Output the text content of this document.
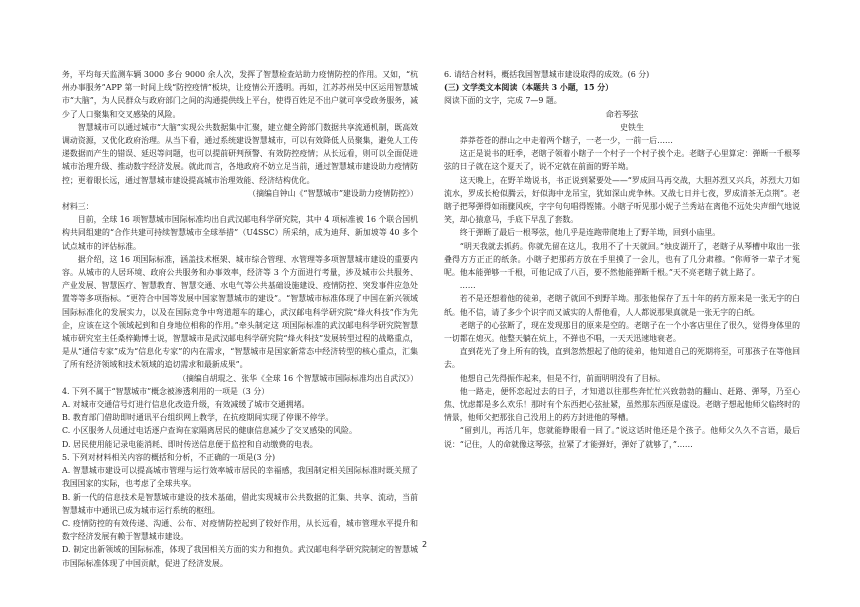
务，平均每天监测车辆 3000 多台 9000 余人次，发挥了智慧检查站助力疫情防控的作用。又如，“杭州办事服务”APP 第一时间上线“防控疫情”板块，让疫情公开透明。再如，江苏苏州吴中区运用智慧城市“大脑”，为人民群众与政府部门之间的沟通提供线上平台，使得百姓足不出户就可享受政务服务，减少了人口聚集和交叉感染的风险。

智慧城市可以通过城市“大脑”实现公共数据集中汇聚，建立健全跨部门数据共享流通机制，既高效调动资源，又优化政府治理。从当下看，通过系统建设智慧城市，可以有效降低人员聚集，避免人工传递数据而产生的错误、延迟等问题，也可以提前研判预警、有效防控疫情；从长远看，则可以全面促进城市治理升级、推动数字经济发展。就此而言，各地政府不妨立足当前，通过智慧城市建设助力疫情防控；更着眼长远，通过智慧城市建设提高城市治理效能、经济结构优化。

（摘编自钟山《“智慧城市”建设助力疫情防控》）

材料三：

目前，全球 16 项智慧城市国际标准均出自武汉邮电科学研究院，其中 4 项标准被 16 个联合国机构共同组建的“合作共建可持续智慧城市全球举措”（U4SSC）所采纳，成为迪拜、新加坡等 40 多个试点城市的评估标准。

据介绍，这 16 项国际标准，涵盖技术框架、城市综合管理、水管理等多项智慧城市建设的重要内容。从城市的人居环境、政府公共服务和办事效率，经济等 3 个方面进行考量，涉及城市公共服务、产业发展、智慧医疗、智慧教育、智慧交通、水电气等公共基础设施建设、疫情防控、突发事件应急处置等等多项指标。“更符合中国等发展中国家智慧城市的建设”。“智慧城市标准体现了中国在新兴领域国际标准化的发展实力，以及在国际竞争中弯道超车的雄心，武汉邮电科学研究院“烽火科技”作为先企，应该在这个领域起到和自身地位相称的作用。”牵头制定这 项国际标准的武汉邮电科学研究院智慧城市研究室主任桑梓勤博士说，智慧城市是武汉邮电科学研究院“烽火科技”发展转型过程的战略重点，是从“通信专家”成为“信息化专家”的内在需求，“智慧城市是国家新常态中经济转型的核心重点，汇集了所有经济领域和技术领域的追切需求和最新成果”。

（摘编自胡琨之、张华《全球 16 个智慧城市国际标准均出自武汉》）

4. 下列不属于“智慧城市”概念被渗透利用的一项是（3 分）

A. 对城市交通信号灯进行信息化改造升级，有效减缓了城市交通拥堵。

B. 教育部门借助即时通讯平台组织网上教学，在抗疫期间实现了停课不停学。

C. 小区服务人员通过电话逐户查询在家隔离居民的健康信息减少了交叉感染的风险。

D. 居民使用能记录电能消耗、即时传送信息便于监控和自动缴费的电表。

5. 下列对材料相关内容的概括和分析，不正确的一项是(3 分)

A. 智慧城市建设可以提高城市管理与运行效率城市居民的幸福感，我国制定相关国际标准时既关照了我国国家的实际，也考虑了全球共享。

B. 新一代的信息技术是智慧城市建设的技术基础，借此实现城市公共数据的汇集、共享、流动，当前智慧城市中通讯已成为城市运行系统的枢纽。

C. 疫情防控的有效传递、沟通、公布、对疫情防控起到了较好作用，从长远看，城市管理水平提升和数字经济发展有赖于智慧城市建设。

D. 制定出新领域的国际标准，体现了我国相关方面的实力和抱负。武汉邮电科学研究院制定的智慧城市国际标准体现了中国贡献，促进了经济发展。

6. 请结合材料，概括我国智慧城市建设取得的成效。(6 分)

(三) 文学类文本阅读（本题共 3 小题，15 分）

阅读下面的文字，完成 7—9 题。

命若琴弦

史铁生

莽莽苍苍的群山之中走着两个瞎子，一老一少，一前一后……

这正是说书的旺季，老瞎子领着小瞎子一个村子一个村子挨个走。老瞎子心里算定：弹断一千根琴弦的日子就在这个夏天了，说不定就在前面的野羊坳。

这天晚上，在野羊坳说书，书正说到紧要处——“罗成回马再交战，大胆苏烈又兴兵，苏烈大刀如流水，罗成长枪似腾云，好似海中龙吊宝，犹如深山虎争林。又战七日并七夜，罗成清茶无点荆”。老瞎子把琴弹得如雨骤风疾，字字句句唱得铿锵。小瞎子听见那小妮子兰秀站在离他不远处尖声细气地说笑，却心猿意马，手底下早乱了套数。

终于弹断了最后一根琴弦，他几乎是连跑带爬地上了野羊坳，回到小庙里。

“明天我就去抓药。你就先留在这儿，我用不了十天就回。”烛皮湖开了，老瞎子从琴槽中取出一张叠得方方正正的纸条。小瞎子把那药方放在手里摸了一会儿，也有了几分肃穆。“你师爷一辈子才冤呢。他本能弹够一千根，可他记成了八百，要不然他能弹断千根。”天不亮老瞎子就上路了。

……

若不是还想着他的徒弟，老瞎子就回不到野羊坳。那张他保存了五十年的药方原来是一张无字的白纸。他不信，请了多少个识字而又诚实的人帮他看，人人都说那果真就是一张无字的白纸。

老瞎子的心弦断了，现在发现那目的原来是空的。老瞎子在一个小客店里住了很久，觉得身体里的一切都在熄灭。他整天躺在炕上，不弹也不唱，一天天迅速地衰老。

直到花光了身上所有的钱，直到忽然想起了他的徒弟，他知道自己的死期将至，可那孩子在等他回去。

他想自己先得振作起来，但是不行，前面明明没有了目标。

他一路走，便怀恋起过去的日子，才知道以往那些奔忙忙兴致勃勃的翻山、赶路、弹琴，乃至心焦、忧虑都是多么欢乐！那时有个东西把心弦扯紧，虽然那东西原是虚设。老瞎子想起他师父临终时的情景，他师父把那张自己没用上的药方封进他的琴槽。

“留到儿，再活几年，您就能睁眼看一回了。”说这话时他还是个孩子。他师父久久不言语，最后说：“记住，人的命就像这琴弦，拉紧了才能弹好，弹好了就够了，”……

2
